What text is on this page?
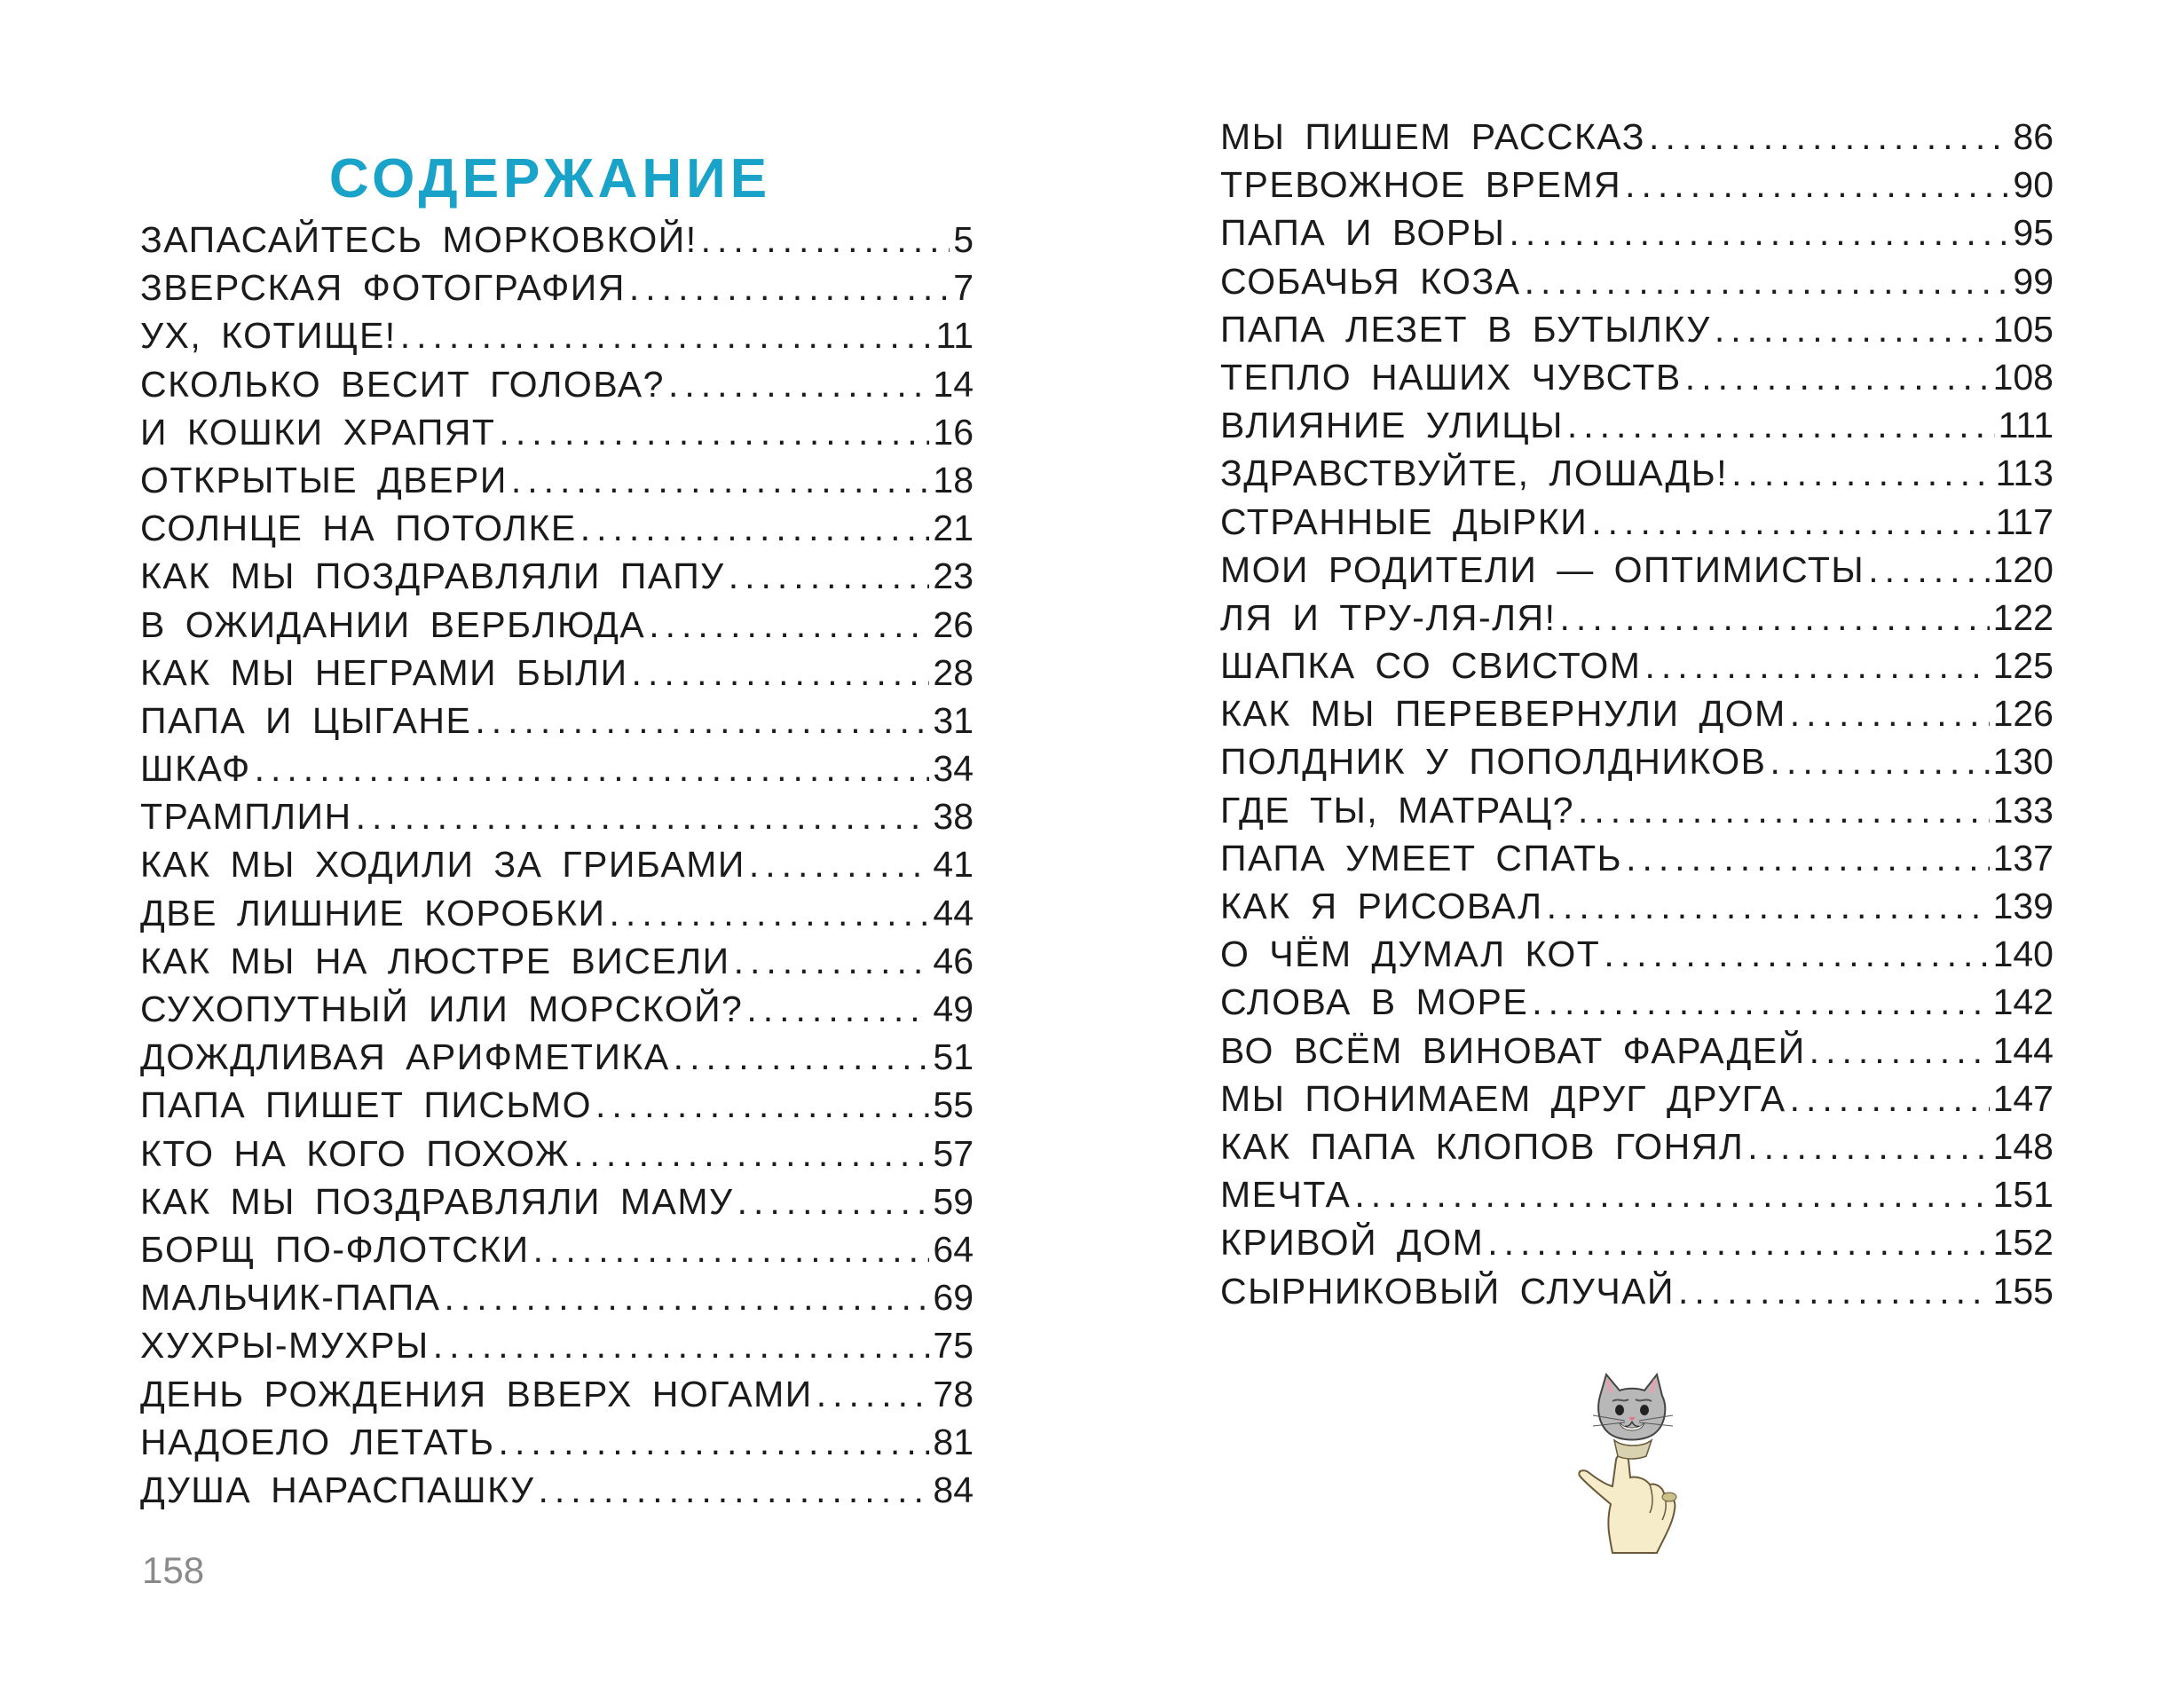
СОДЕРЖАНИЕ
ЗАПАСАЙТЕСЬ МОРКОВКОЙ! .....	5
ЗВЕРСКАЯ ФОТОГРАФИЯ .....	7
УХ, КОТИЩЕ! .....	11
СКОЛЬКО ВЕСИТ ГОЛОВА? .....	14
И КОШКИ ХРАПЯТ .....	16
ОТКРЫТЫЕ ДВЕРИ .....	18
СОЛНЦЕ НА ПОТОЛКЕ .....	21
КАК МЫ ПОЗДРАВЛЯЛИ ПАПУ .....	23
В ОЖИДАНИИ ВЕРБЛЮДА .....	26
КАК МЫ НЕГРАМИ БЫЛИ .....	28
ПАПА И ЦЫГАНЕ .....	31
ШКАФ .....	34
ТРАМПЛИН .....	38
КАК МЫ ХОДИЛИ ЗА ГРИБАМИ .....	41
ДВЕ ЛИШНИЕ КОРОБКИ .....	44
КАК МЫ НА ЛЮСТРЕ ВИСЕЛИ .....	46
СУХОПУТНЫЙ ИЛИ МОРСКОЙ? .....	49
ДОЖДЛИВАЯ АРИФМЕТИКА .....	51
ПАПА ПИШЕТ ПИСЬМО .....	55
КТО НА КОГО ПОХОЖ .....	57
КАК МЫ ПОЗДРАВЛЯЛИ МАМУ .....	59
БОРЩ ПО-ФЛОТСКИ .....	64
МАЛЬЧИК-ПАПА .....	69
ХУХРЫ-МУХРЫ .....	75
ДЕНЬ РОЖДЕНИЯ ВВЕРХ НОГАМИ .....	78
НАДОЕЛО ЛЕТАТЬ .....	81
ДУША НАРАСПАШКУ .....	84
МЫ ПИШЕМ РАССКАЗ .....	86
ТРЕВОЖНОЕ ВРЕМЯ .....	90
ПАПА И ВОРЫ .....	95
СОБАЧЬЯ КОЗА .....	99
ПАПА ЛЕЗЕТ В БУТЫЛКУ .....	105
ТЕПЛО НАШИХ ЧУВСТВ .....	108
ВЛИЯНИЕ УЛИЦЫ .....	111
ЗДРАВСТВУЙТЕ, ЛОШАДЬ! .....	113
СТРАННЫЕ ДЫРКИ .....	117
МОИ РОДИТЕЛИ — ОПТИМИСТЫ .....	120
ЛЯ И ТРУ-ЛЯ-ЛЯ! .....	122
ШАПКА СО СВИСТОМ .....	125
КАК МЫ ПЕРЕВЕРНУЛИ ДОМ .....	126
ПОЛДНИК У ПОПОЛДНИКОВ .....	130
ГДЕ ТЫ, МАТРАЦ? .....	133
ПАПА УМЕЕТ СПАТЬ .....	137
КАК Я РИСОВАЛ .....	139
О ЧЁМ ДУМАЛ КОТ .....	140
СЛОВА В МОРЕ .....	142
ВО ВСЁМ ВИНОВАТ ФАРАДЕЙ .....	144
МЫ ПОНИМАЕМ ДРУГ ДРУГА .....	147
КАК ПАПА КЛОПОВ ГОНЯЛ .....	148
МЕЧТА .....	151
КРИВОЙ ДОМ .....	152
СЫРНИКОВЫЙ СЛУЧАЙ .....	155
158
